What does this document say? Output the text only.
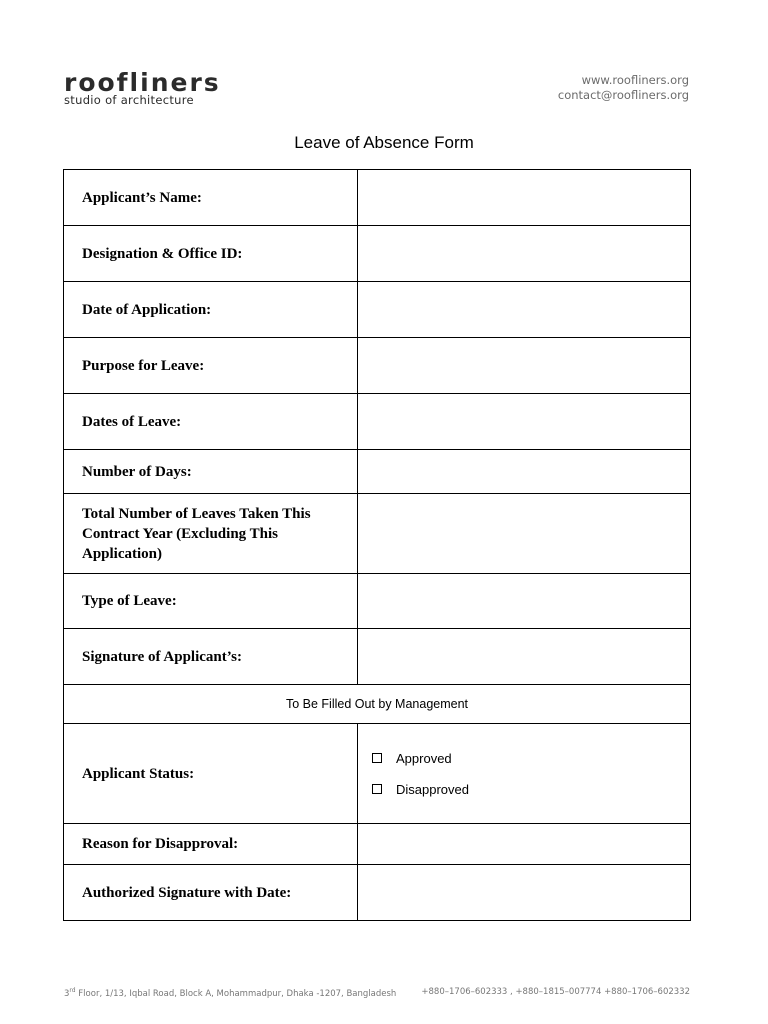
roofliners
studio of architecture
www.roofliners.org
contact@roofliners.org
Leave of Absence Form
Applicant’s Name:	
Designation & Office ID:	
Date of Application:	
Purpose for Leave:	
Dates of Leave:	
Number of Days:	
Total Number of Leaves Taken This Contract Year (Excluding This Application)	
Type of Leave:	
Signature of Applicant’s:	
To Be Filled Out by Management	
Applicant Status:	Approved
Disapproved

Reason for Disapproval:	
Authorized Signature with Date:	
3rd Floor, 1/13, Iqbal Road, Block A, Mohammadpur, Dhaka -1207, Bangladesh	+880–1706–602333 , +880–1815–007774 +880–1706–602332
